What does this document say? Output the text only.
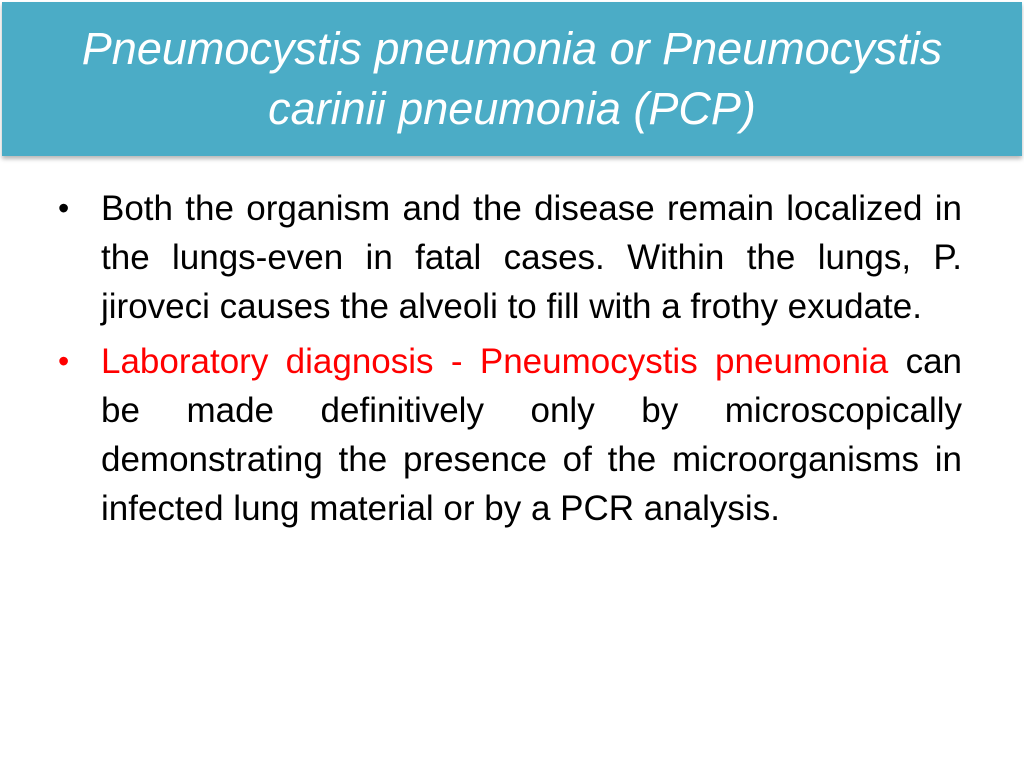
Pneumocystis pneumonia or Pneumocystis
carinii pneumonia (PCP)
• Both the organism and the disease remain localized in the lungs-even in fatal cases. Within the lungs, P. jiroveci causes the alveoli to fill with a frothy exudate.

• Laboratory diagnosis - Pneumocystis pneumonia can be made definitively only by microscopically demonstrating the presence of the microorganisms in infected lung material or by a PCR analysis.
